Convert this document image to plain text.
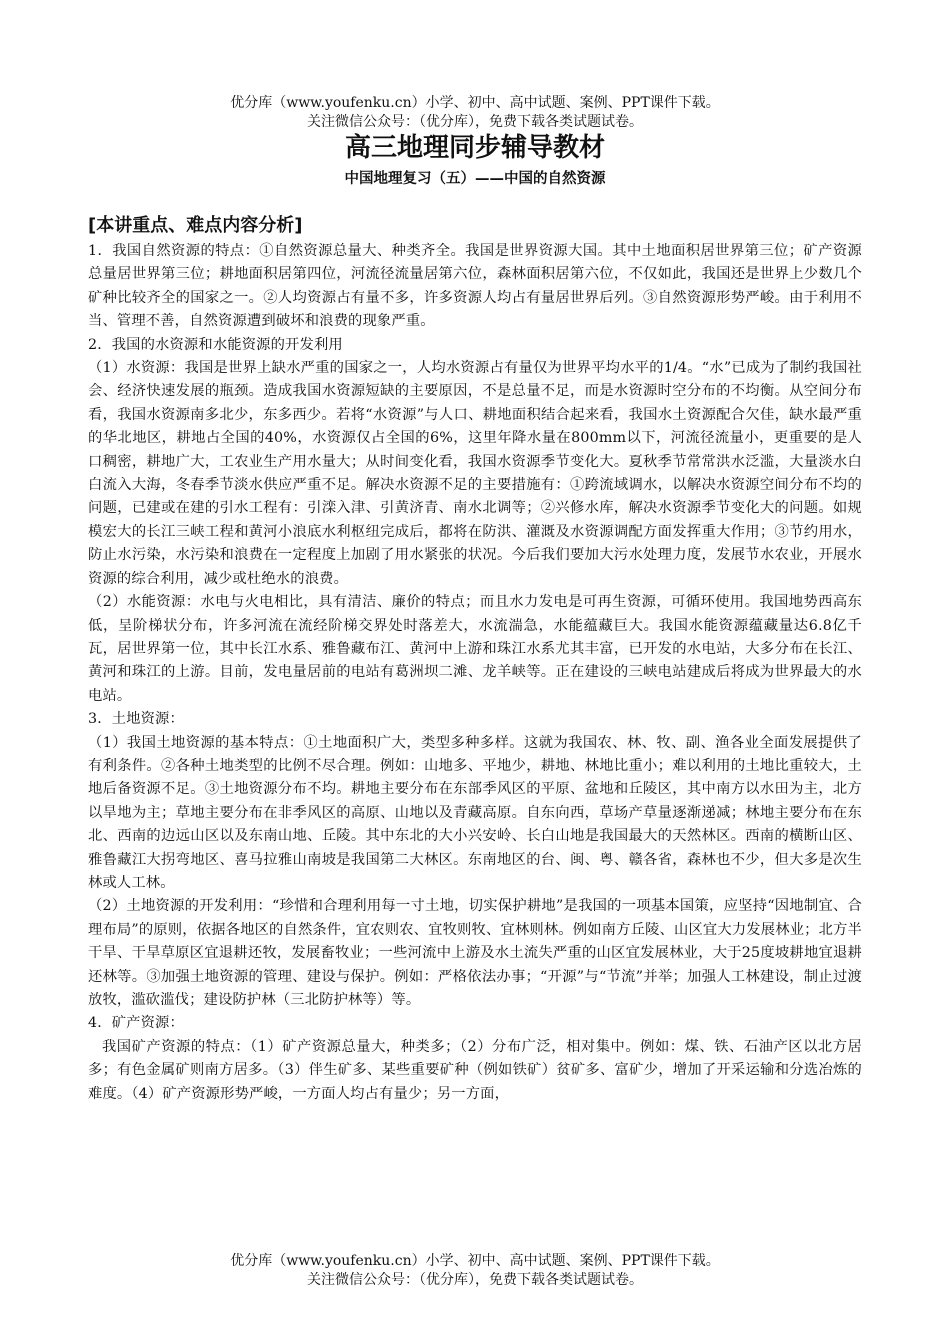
优分库（www.youfenku.cn）小学、初中、高中试题、案例、PPT课件下载。
关注微信公众号：（优分库），免费下载各类试题试卷。
高三地理同步辅导教材
中国地理复习（五）——中国的自然资源
[本讲重点、难点内容分析]

1．我国自然资源的特点：①自然资源总量大、种类齐全。我国是世界资源大国。其中土地面积居世界第三位；矿产资源总量居世界第三位；耕地面积居第四位，河流径流量居第六位，森林面积居第六位，不仅如此，我国还是世界上少数几个矿种比较齐全的国家之一。②人均资源占有量不多，许多资源人均占有量居世界后列。③自然资源形势严峻。由于利用不当、管理不善，自然资源遭到破坏和浪费的现象严重。

2．我国的水资源和水能资源的开发利用

（1）水资源：我国是世界上缺水严重的国家之一，人均水资源占有量仅为世界平均水平的1/4。“水”已成为了制约我国社会、经济快速发展的瓶颈。造成我国水资源短缺的主要原因，不是总量不足，而是水资源时空分布的不均衡。从空间分布看，我国水资源南多北少，东多西少。若将“水资源”与人口、耕地面积结合起来看，我国水土资源配合欠佳，缺水最严重的华北地区，耕地占全国的40%，水资源仅占全国的6%，这里年降水量在800mm以下，河流径流量小，更重要的是人口稠密，耕地广大，工农业生产用水量大；从时间变化看，我国水资源季节变化大。夏秋季节常常洪水泛滥，大量淡水白白流入大海，冬春季节淡水供应严重不足。解决水资源不足的主要措施有：①跨流域调水，以解决水资源空间分布不均的问题，已建或在建的引水工程有：引滦入津、引黄济青、南水北调等；②兴修水库，解决水资源季节变化大的问题。如规模宏大的长江三峡工程和黄河小浪底水利枢纽完成后，都将在防洪、灌溉及水资源调配方面发挥重大作用；③节约用水，防止水污染，水污染和浪费在一定程度上加剧了用水紧张的状况。今后我们要加大污水处理力度，发展节水农业，开展水资源的综合利用，减少或杜绝水的浪费。

（2）水能资源：水电与火电相比，具有清洁、廉价的特点；而且水力发电是可再生资源，可循环使用。我国地势西高东低，呈阶梯状分布，许多河流在流经阶梯交界处时落差大，水流湍急，水能蕴藏巨大。我国水能资源蕴藏量达6.8亿千瓦，居世界第一位，其中长江水系、雅鲁藏布江、黄河中上游和珠江水系尤其丰富，已开发的水电站，大多分布在长江、黄河和珠江的上游。目前，发电量居前的电站有葛洲坝二滩、龙羊峡等。正在建设的三峡电站建成后将成为世界最大的水电站。

3．土地资源：

（1）我国土地资源的基本特点：①土地面积广大，类型多种多样。这就为我国农、林、牧、副、渔各业全面发展提供了有利条件。②各种土地类型的比例不尽合理。例如：山地多、平地少，耕地、林地比重小；难以利用的土地比重较大，土地后备资源不足。③土地资源分布不均。耕地主要分布在东部季风区的平原、盆地和丘陵区，其中南方以水田为主，北方以旱地为主；草地主要分布在非季风区的高原、山地以及青藏高原。自东向西，草场产草量逐渐递减；林地主要分布在东北、西南的边远山区以及东南山地、丘陵。其中东北的大小兴安岭、长白山地是我国最大的天然林区。西南的横断山区、雅鲁藏江大拐弯地区、喜马拉雅山南坡是我国第二大林区。东南地区的台、闽、粤、赣各省，森林也不少，但大多是次生林或人工林。

（2）土地资源的开发利用：“珍惜和合理利用每一寸土地，切实保护耕地”是我国的一项基本国策，应坚持“因地制宜、合理布局”的原则，依据各地区的自然条件，宜农则农、宜牧则牧、宜林则林。例如南方丘陵、山区宜大力发展林业；北方半干旱、干旱草原区宜退耕还牧，发展畜牧业；一些河流中上游及水土流失严重的山区宜发展林业，大于25度坡耕地宜退耕还林等。③加强土地资源的管理、建设与保护。例如：严格依法办事；“开源”与“节流”并举；加强人工林建设，制止过渡放牧，滥砍滥伐；建设防护林（三北防护林等）等。

4．矿产资源：

我国矿产资源的特点：（1）矿产资源总量大，种类多；（2）分布广泛，相对集中。例如：煤、铁、石油产区以北方居多；有色金属矿则南方居多。（3）伴生矿多、某些重要矿种（例如铁矿）贫矿多、富矿少，增加了开采运输和分选冶炼的难度。（4）矿产资源形势严峻，一方面人均占有量少；另一方面，

优分库（www.youfenku.cn）小学、初中、高中试题、案例、PPT课件下载。
关注微信公众号：（优分库），免费下载各类试题试卷。
